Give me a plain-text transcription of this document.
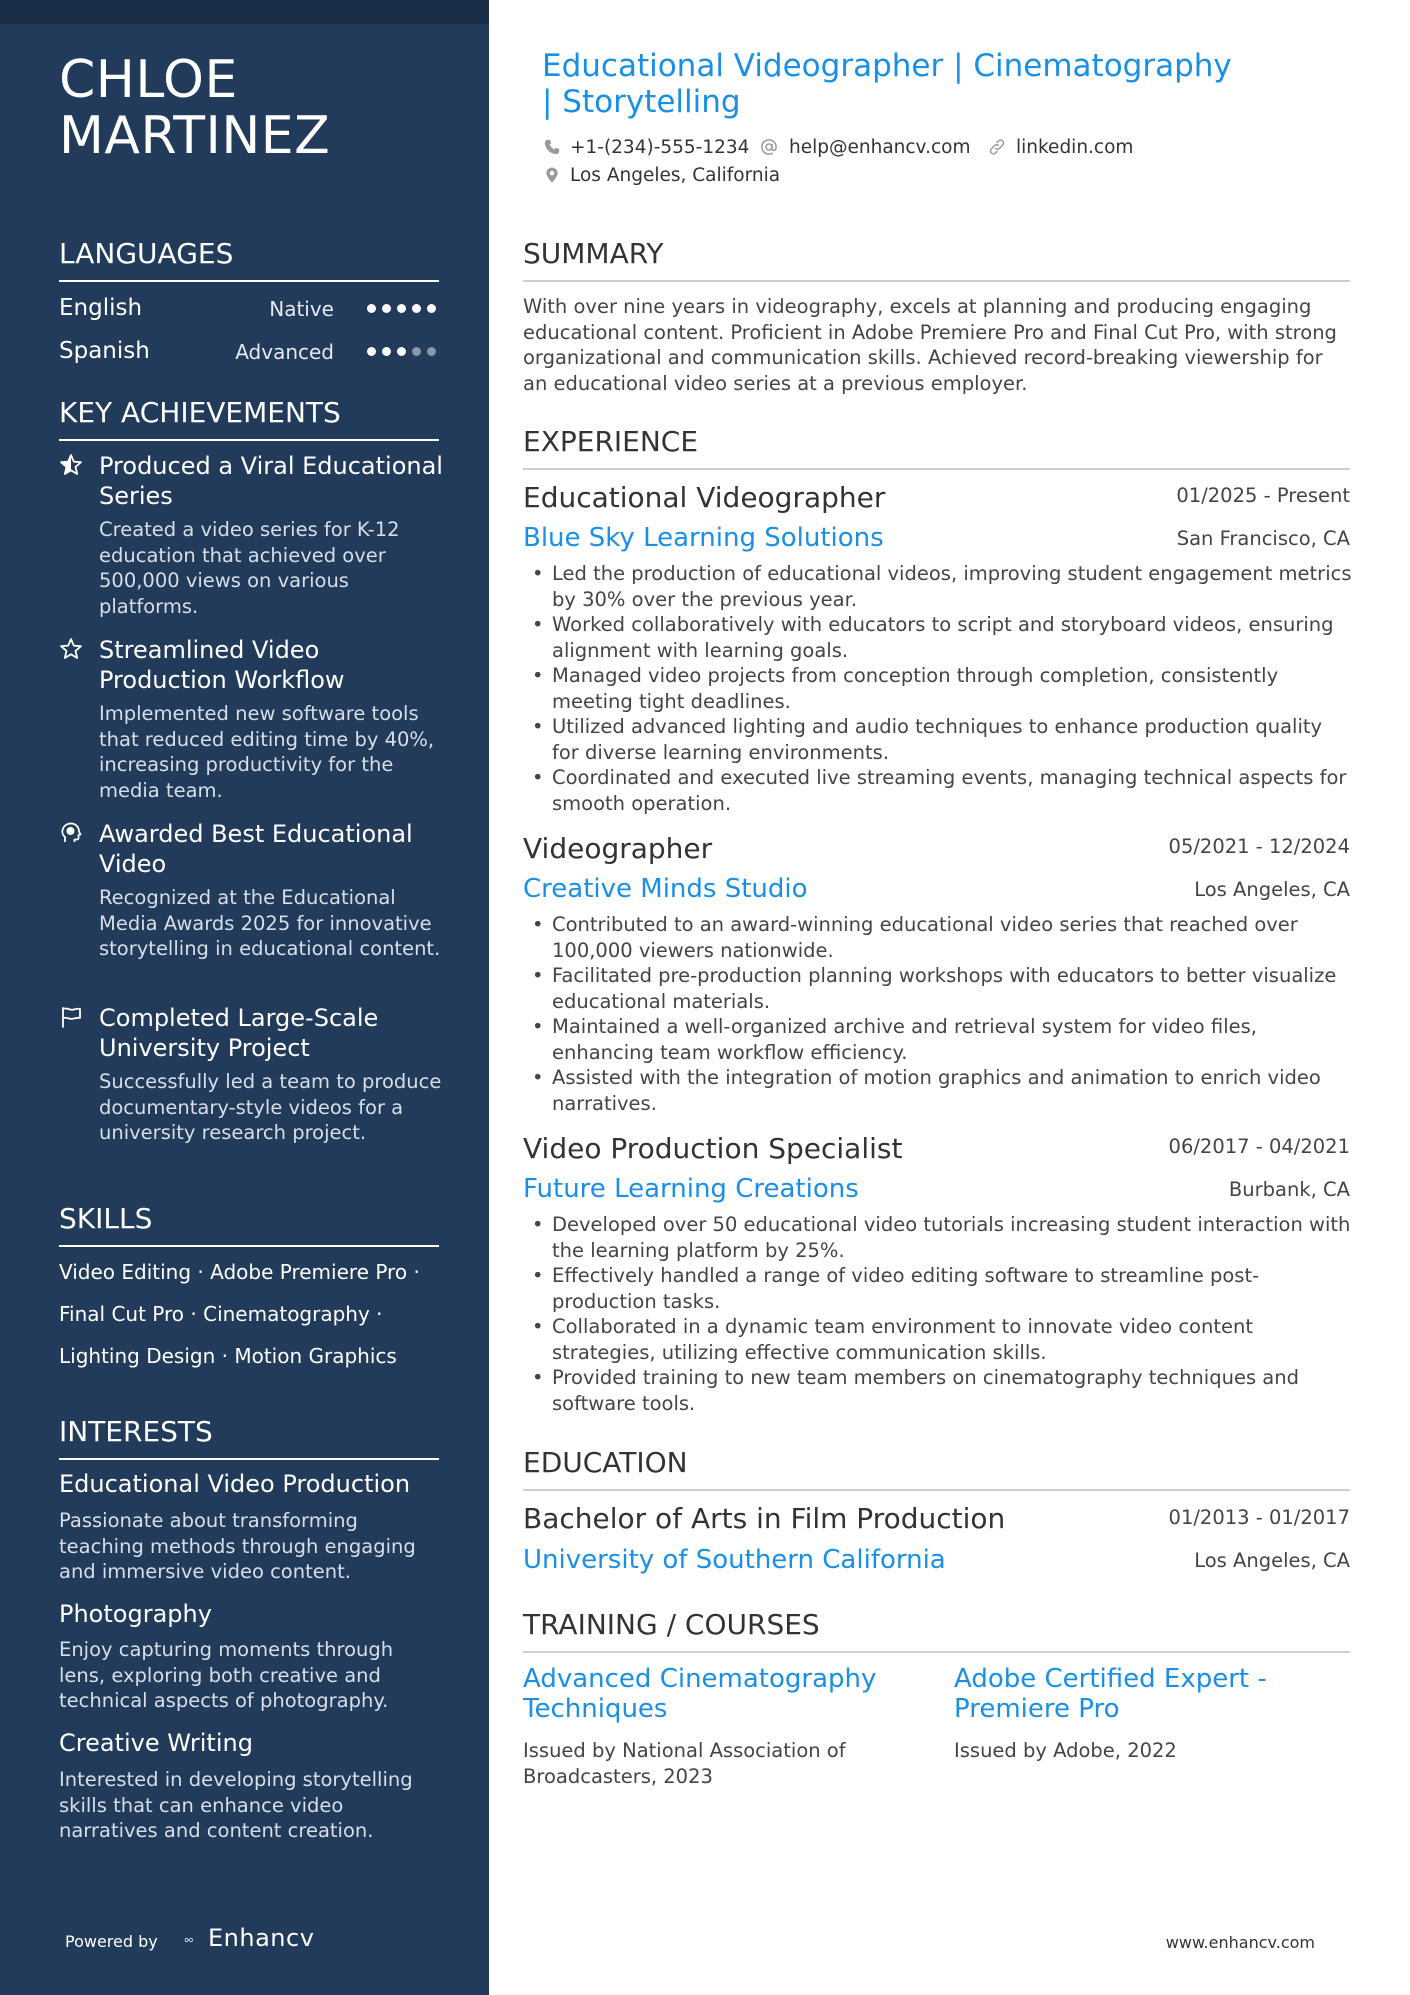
CHLOE
MARTINEZ
LANGUAGES
English	Native
Spanish	Advanced
KEY ACHIEVEMENTS
Produced a Viral Educational Series
Created a video series for K-12 education that achieved over 500,000 views on various platforms.
Streamlined Video Production Workflow
Implemented new software tools that reduced editing time by 40%, increasing productivity for the media team.
Awarded Best Educational Video
Recognized at the Educational Media Awards 2025 for innovative storytelling in educational content.
Completed Large-Scale University Project
Successfully led a team to produce documentary-style videos for a university research project.
SKILLS
Video Editing · Adobe Premiere Pro ·
Final Cut Pro · Cinematography ·
Lighting Design · Motion Graphics
INTERESTS
Educational Video Production
Passionate about transforming teaching methods through engaging and immersive video content.
Photography
Enjoy capturing moments through lens, exploring both creative and technical aspects of photography.
Creative Writing
Interested in developing storytelling skills that can enhance video narratives and content creation.
Powered by Enhancv
Educational Videographer | Cinematography | Storytelling
+1-(234)-555-1234 help@enhancv.com linkedin.com
Los Angeles, California
SUMMARY
With over nine years in videography, excels at planning and producing engaging educational content. Proficient in Adobe Premiere Pro and Final Cut Pro, with strong organizational and communication skills. Achieved record-breaking viewership for an educational video series at a previous employer.
EXPERIENCE
Educational Videographer	01/2025 - Present
Blue Sky Learning Solutions	San Francisco, CA
• Led the production of educational videos, improving student engagement metrics by 30% over the previous year.
• Worked collaboratively with educators to script and storyboard videos, ensuring alignment with learning goals.
• Managed video projects from conception through completion, consistently meeting tight deadlines.
• Utilized advanced lighting and audio techniques to enhance production quality for diverse learning environments.
• Coordinated and executed live streaming events, managing technical aspects for smooth operation.
Videographer	05/2021 - 12/2024
Creative Minds Studio	Los Angeles, CA
• Contributed to an award-winning educational video series that reached over 100,000 viewers nationwide.
• Facilitated pre-production planning workshops with educators to better visualize educational materials.
• Maintained a well-organized archive and retrieval system for video files, enhancing team workflow efficiency.
• Assisted with the integration of motion graphics and animation to enrich video narratives.
Video Production Specialist	06/2017 - 04/2021
Future Learning Creations	Burbank, CA
• Developed over 50 educational video tutorials increasing student interaction with the learning platform by 25%.
• Effectively handled a range of video editing software to streamline post-production tasks.
• Collaborated in a dynamic team environment to innovate video content strategies, utilizing effective communication skills.
• Provided training to new team members on cinematography techniques and software tools.
EDUCATION
Bachelor of Arts in Film Production	01/2013 - 01/2017
University of Southern California	Los Angeles, CA
TRAINING / COURSES
Advanced Cinematography Techniques
Issued by National Association of Broadcasters, 2023
Adobe Certified Expert - Premiere Pro
Issued by Adobe, 2022
www.enhancv.com
